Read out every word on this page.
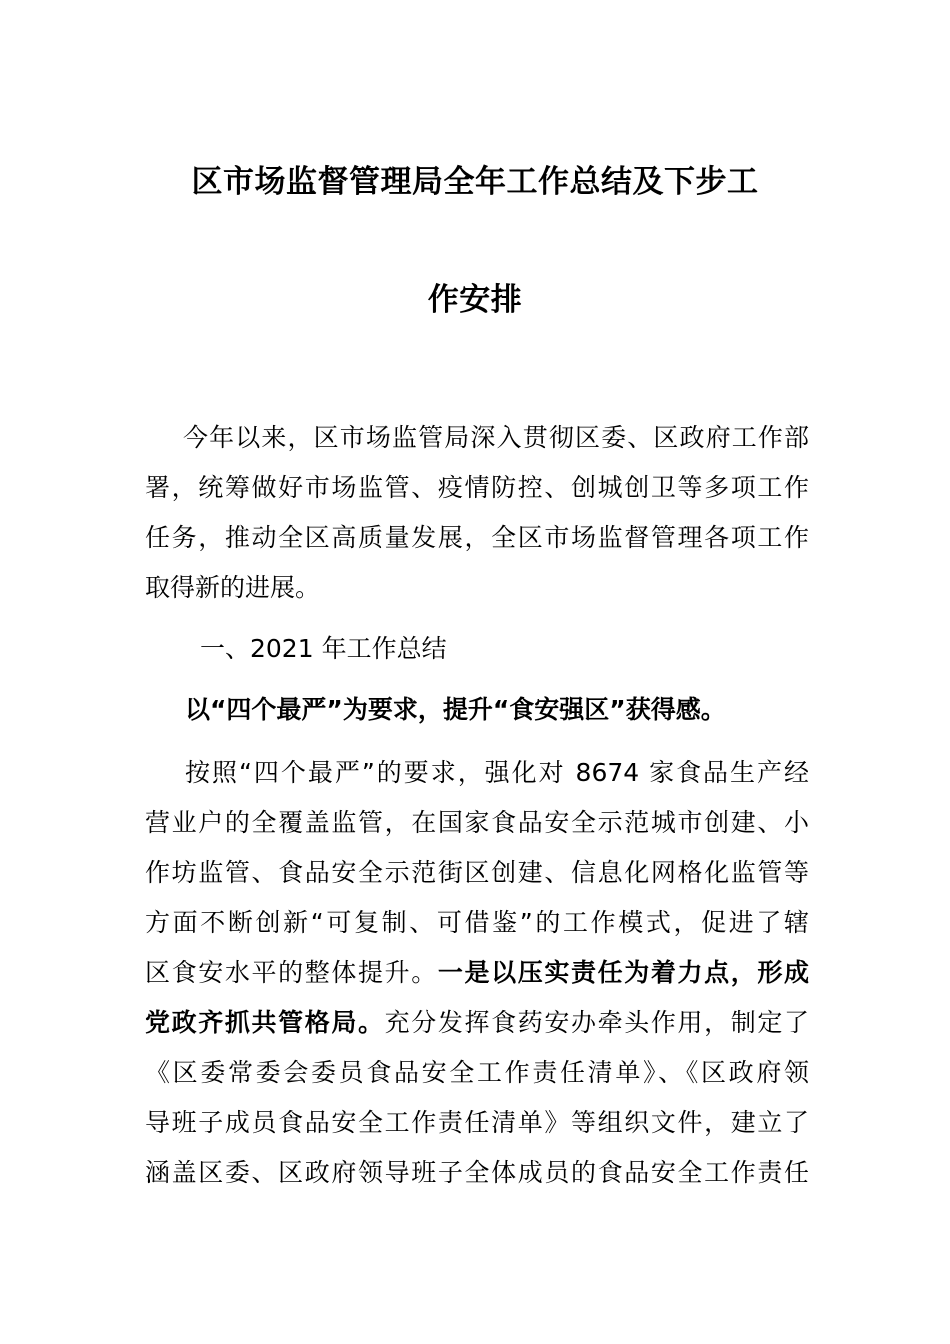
区市场监督管理局全年工作总结及下步工
作安排
今年以来，区市场监管局深入贯彻区委、区政府工作部
署，统筹做好市场监管、疫情防控、创城创卫等多项工作
任务，推动全区高质量发展，全区市场监督管理各项工作
取得新的进展。
一、2021 年工作总结
以“四个最严”为要求，提升“食安强区”获得感。
按照“四个最严”的要求，强化对 8674 家食品生产经
营业户的全覆盖监管，在国家食品安全示范城市创建、小
作坊监管、食品安全示范街区创建、信息化网格化监管等
方面不断创新“可复制、可借鉴”的工作模式，促进了辖
区食安水平的整体提升。一是以压实责任为着力点，形成
党政齐抓共管格局。充分发挥食药安办牵头作用，制定了
《区委常委会委员食品安全工作责任清单》、《区政府领
导班子成员食品安全工作责任清单》等组织文件，建立了
涵盖区委、区政府领导班子全体成员的食品安全工作责任
